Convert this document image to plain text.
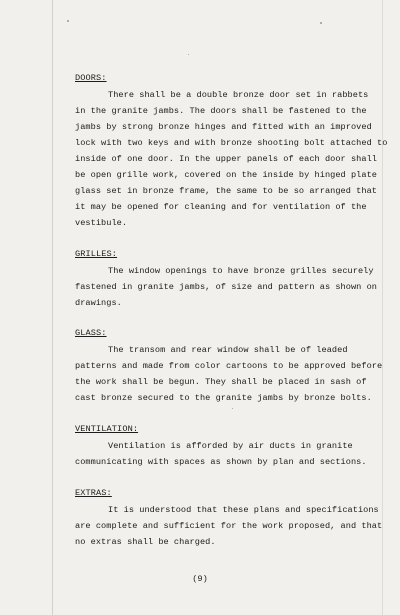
DOORS:
There shall be a double bronze door set in rabbets
in the granite jambs. The doors shall be fastened to the
jambs by strong bronze hinges and fitted with an improved
lock with two keys and with bronze shooting bolt attached to
inside of one door. In the upper panels of each door shall
be open grille work, covered on the inside by hinged plate
glass set in bronze frame, the same to be so arranged that
it may be opened for cleaning and for ventilation of the
vestibule.
GRILLES:
The window openings to have bronze grilles securely
fastened in granite jambs, of size and pattern as shown on
drawings.
GLASS:
The transom and rear window shall be of leaded
patterns and made from color cartoons to be approved before
the work shall be begun. They shall be placed in sash of
cast bronze secured to the granite jambs by bronze bolts.
VENTILATION:
Ventilation is afforded by air ducts in granite
communicating with spaces as shown by plan and sections.
EXTRAS:
It is understood that these plans and specifications
are complete and sufficient for the work proposed, and that
no extras shall be charged.
(9)
